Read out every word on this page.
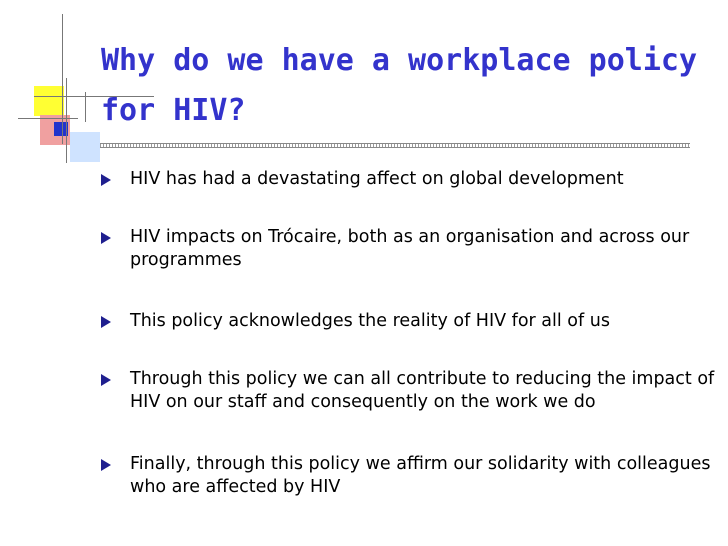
Why do we have a workplace policy for HIV?
HIV has had a devastating affect on global development
HIV impacts on Trócaire, both as an organisation and across our programmes
This policy acknowledges the reality of HIV for all of us
Through this policy we can all contribute to reducing the impact of HIV on our staff and consequently on the work we do
Finally, through this policy we affirm our solidarity with colleagues who are affected by HIV
